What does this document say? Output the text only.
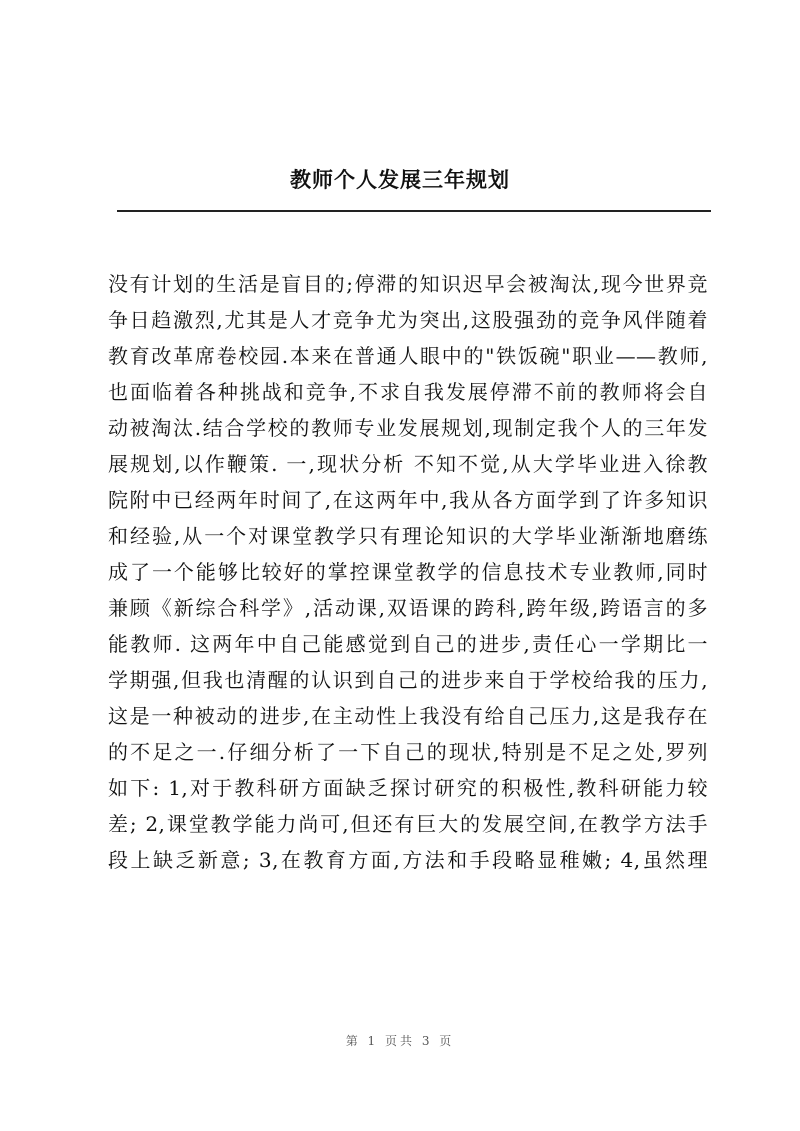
教师个人发展三年规划
没有计划的生活是盲目的;停滞的知识迟早会被淘汰,现今世界竞
争日趋激烈,尤其是人才竞争尤为突出,这股强劲的竞争风伴随着
教育改革席卷校园.本来在普通人眼中的"铁饭碗"职业——教师,
也面临着各种挑战和竞争,不求自我发展停滞不前的教师将会自
动被淘汰.结合学校的教师专业发展规划,现制定我个人的三年发
展规划,以作鞭策. 一,现状分析 不知不觉,从大学毕业进入徐教
院附中已经两年时间了,在这两年中,我从各方面学到了许多知识
和经验,从一个对课堂教学只有理论知识的大学毕业渐渐地磨练
成了一个能够比较好的掌控课堂教学的信息技术专业教师,同时
兼顾《新综合科学》,活动课,双语课的跨科,跨年级,跨语言的多
能教师. 这两年中自己能感觉到自己的进步,责任心一学期比一
学期强,但我也清醒的认识到自己的进步来自于学校给我的压力,
这是一种被动的进步,在主动性上我没有给自己压力,这是我存在
的不足之一.仔细分析了一下自己的现状,特别是不足之处,罗列
如下: 1,对于教科研方面缺乏探讨研究的积极性,教科研能力较
差; 2,课堂教学能力尚可,但还有巨大的发展空间,在教学方法手
段上缺乏新意; 3,在教育方面,方法和手段略显稚嫩; 4,虽然理
第 1 页共 3 页
